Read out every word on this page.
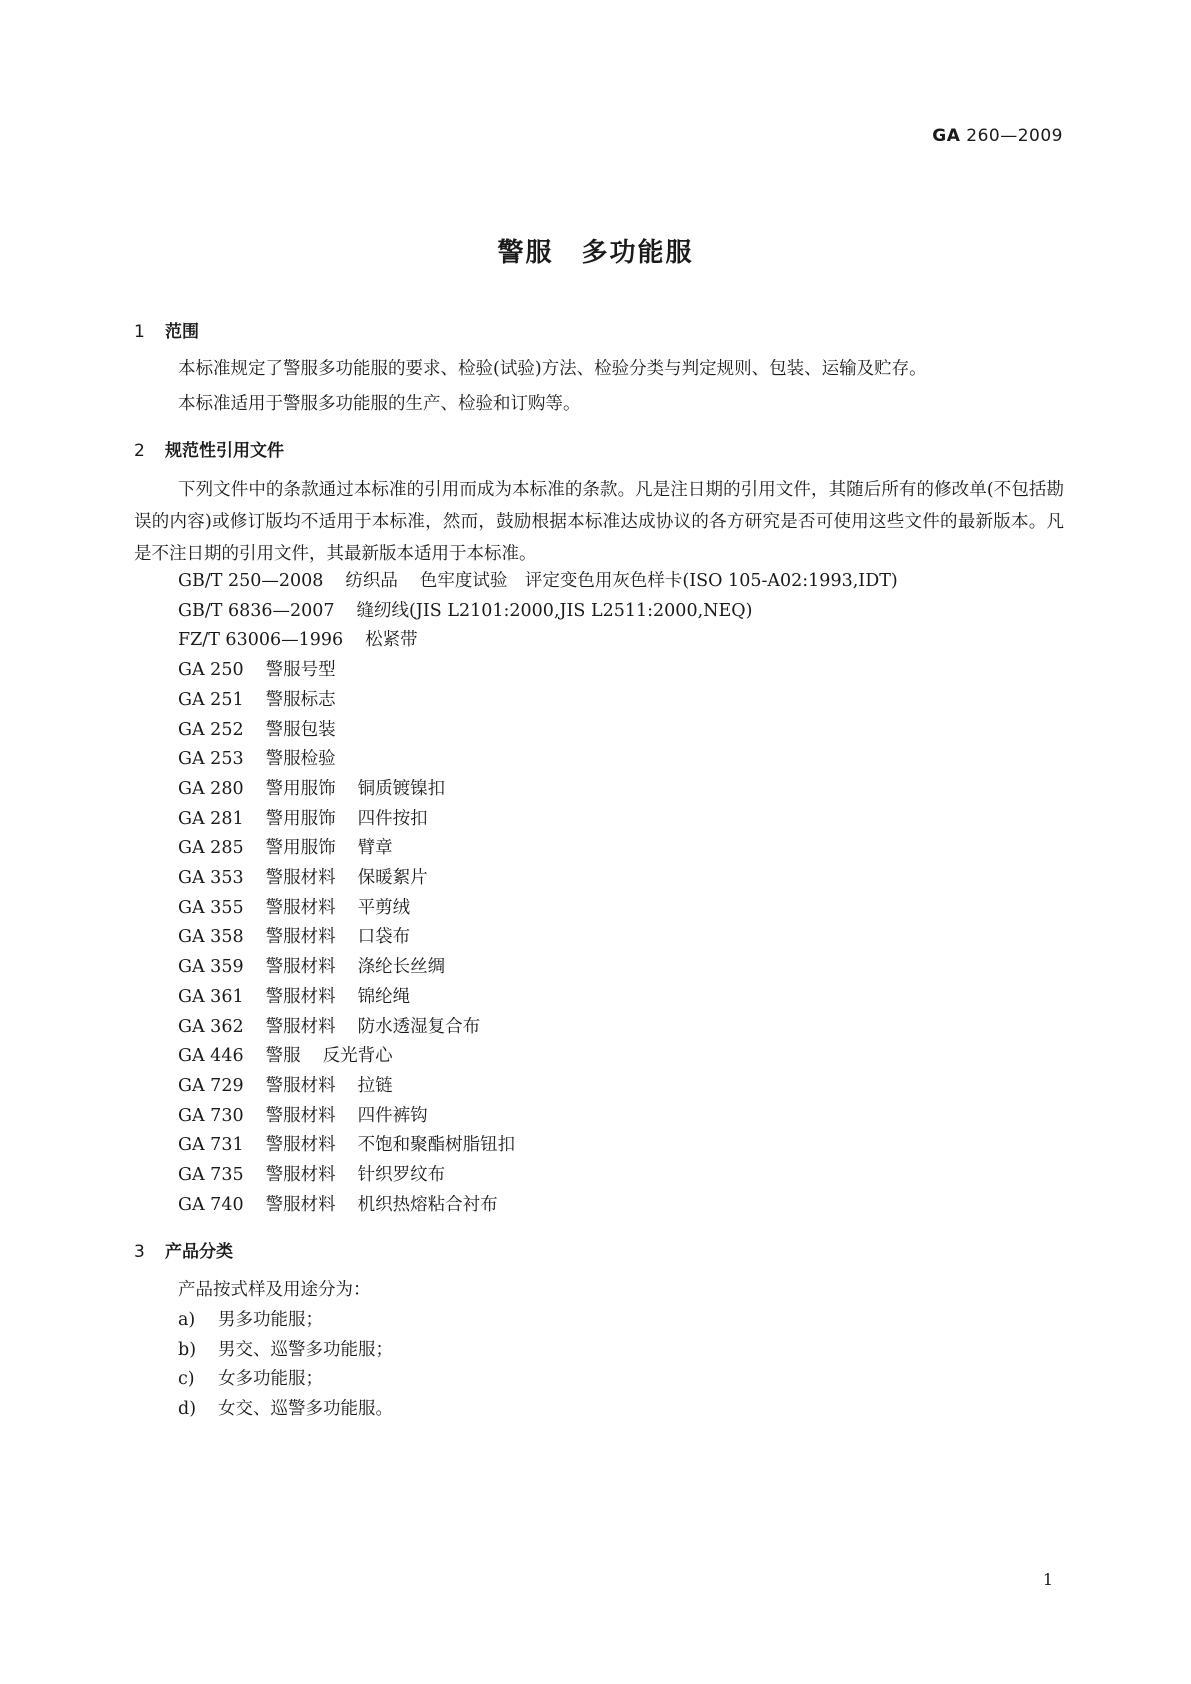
GA 260—2009
警服　多功能服
1 范围
本标准规定了警服多功能服的要求、检验(试验)方法、检验分类与判定规则、包装、运输及贮存。
本标准适用于警服多功能服的生产、检验和订购等。
2 规范性引用文件
下列文件中的条款通过本标准的引用而成为本标准的条款。凡是注日期的引用文件，其随后所有的修改单(不包括勘误的内容)或修订版均不适用于本标准，然而，鼓励根据本标准达成协议的各方研究是否可使用这些文件的最新版本。凡是不注日期的引用文件，其最新版本适用于本标准。
GB/T 250—2008 纺织品 色牢度试验　评定变色用灰色样卡(ISO 105-A02:1993,IDT)
GB/T 6836—2007 缝纫线(JIS L2101:2000,JIS L2511:2000,NEQ)
FZ/T 63006—1996 松紧带
GA 250 警服号型
GA 251 警服标志
GA 252 警服包装
GA 253 警服检验
GA 280 警用服饰 铜质镀镍扣
GA 281 警用服饰 四件按扣
GA 285 警用服饰 臂章
GA 353 警服材料 保暖絮片
GA 355 警服材料 平剪绒
GA 358 警服材料 口袋布
GA 359 警服材料 涤纶长丝绸
GA 361 警服材料 锦纶绳
GA 362 警服材料 防水透湿复合布
GA 446 警服 反光背心
GA 729 警服材料 拉链
GA 730 警服材料 四件裤钩
GA 731 警服材料 不饱和聚酯树脂钮扣
GA 735 警服材料 针织罗纹布
GA 740 警服材料 机织热熔粘合衬布
3 产品分类
产品按式样及用途分为：
a) 男多功能服；
b) 男交、巡警多功能服；
c) 女多功能服；
d) 女交、巡警多功能服。
1
